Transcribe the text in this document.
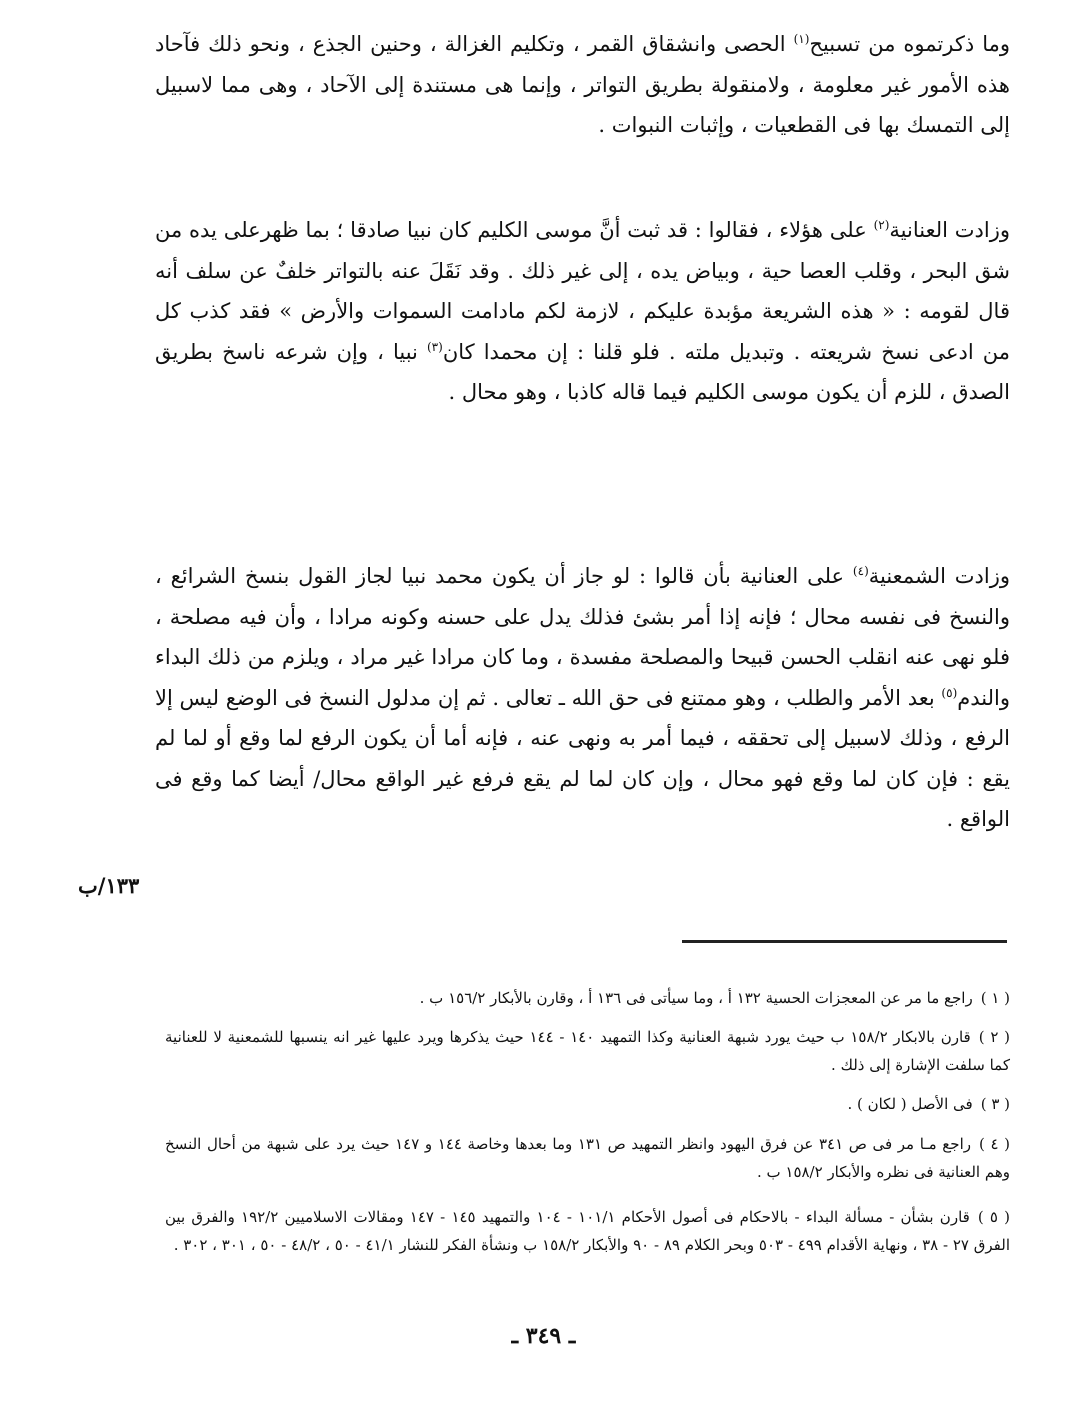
وما ذكرتموه من تسبيح$^{(١)}$ الحصى وانشقاق القمر ، وتكليم الغزالة ، وحنين الجذع ، ونحو ذلك فآحاد هذه الأمور غير معلومة ، ولامنقولة بطريق التواتر ، وإنما هى مستندة إلى الآحاد ، وهى مما لاسبيل إلى التمسك بها فى القطعيات ، وإثبات النبوات .

وزادت العنانية$^{(٢)}$ على هؤلاء ، فقالوا : قد ثبت أنَّ موسى الكليم كان نبيا صادقا ؛ بما ظهرعلى يده من شق البحر ، وقلب العصا حية ، وبياض يده ، إلى غير ذلك . وقد نَقَلَ عنه بالتواتر خلفٌ عن سلف أنه قال لقومه : « هذه الشريعة مؤبدة عليكم ، لازمة لكم مادامت السموات والأرض » فقد كذب كل من ادعى نسخ شريعته . وتبديل ملته . فلو قلنا : إن محمدا كان$^{(٣)}$ نبيا ، وإن شرعه ناسخ بطريق الصدق ، للزم أن يكون موسى الكليم فيما قاله كاذبا ، وهو محال .

وزادت الشمعنية$^{(٤)}$ على العنانية بأن قالوا : لو جاز أن يكون محمد نبيا لجاز القول بنسخ الشرائع ، والنسخ فى نفسه محال ؛ فإنه إذا أمر بشئ فذلك يدل على حسنه وكونه مرادا ، وأن فيه مصلحة ، فلو نهى عنه انقلب الحسن قبيحا والمصلحة مفسدة ، وما كان مرادا غير مراد ، ويلزم من ذلك البداء والندم$^{(٥)}$ بعد الأمر والطلب ، وهو ممتنع فى حق الله ـ تعالى . ثم إن مدلول النسخ فى الوضع ليس إلا الرفع ، وذلك لاسبيل إلى تحققه ، فيما أمر به ونهى عنه ، فإنه أما أن يكون الرفع لما وقع أو لما لم يقع : فإن كان لما وقع فهو محال ، وإن كان لما لم يقع فرفع غير الواقع محال/ أيضا كما وقع فى الواقع .

١٣٣/ب

( ١ )راجع ما مر عن المعجزات الحسية ١٣٢ أ ، وما سيأتى فى ١٣٦ أ ، وقارن بالأبكار ١٥٦/٢ ب .

( ٢ )قارن بالابكار ١٥٨/٢ ب حيث يورد شبهة العنانية وكذا التمهيد ١٤٠ - ١٤٤ حيث يذكرها ويرد عليها غير انه ينسبها للشمعنية لا للعنانية كما سلفت الإشارة إلى ذلك .

( ٣ )فى الأصل ( لكان ) .

( ٤ )راجع مـا مر فى ص ٣٤١ عن فرق اليهود وانظر التمهيد ص ١٣١ وما بعدها وخاصة ١٤٤ و ١٤٧ حيث يرد على شبهة من أحال النسخ وهم العنانية فى نظره والأبكار ١٥٨/٢ ب .

( ٥ )قارن بشأن - مسألة البداء - بالاحكام فى أصول الأحكام ١٠١/١ - ١٠٤ والتمهيد ١٤٥ - ١٤٧ ومقالات الاسلاميين ١٩٢/٢ والفرق بين الفرق ٢٧ - ٣٨ ، ونهاية الأقدام ٤٩٩ - ٥٠٣ وبحر الكلام ٨٩ - ٩٠ والأبكار ١٥٨/٢ ب ونشأة الفكر للنشار ٤١/١ - ٥٠ ، ٤٨/٢ - ٥٠ ، ٣٠١ ، ٣٠٢ .

ـ ٣٤٩ ـ
